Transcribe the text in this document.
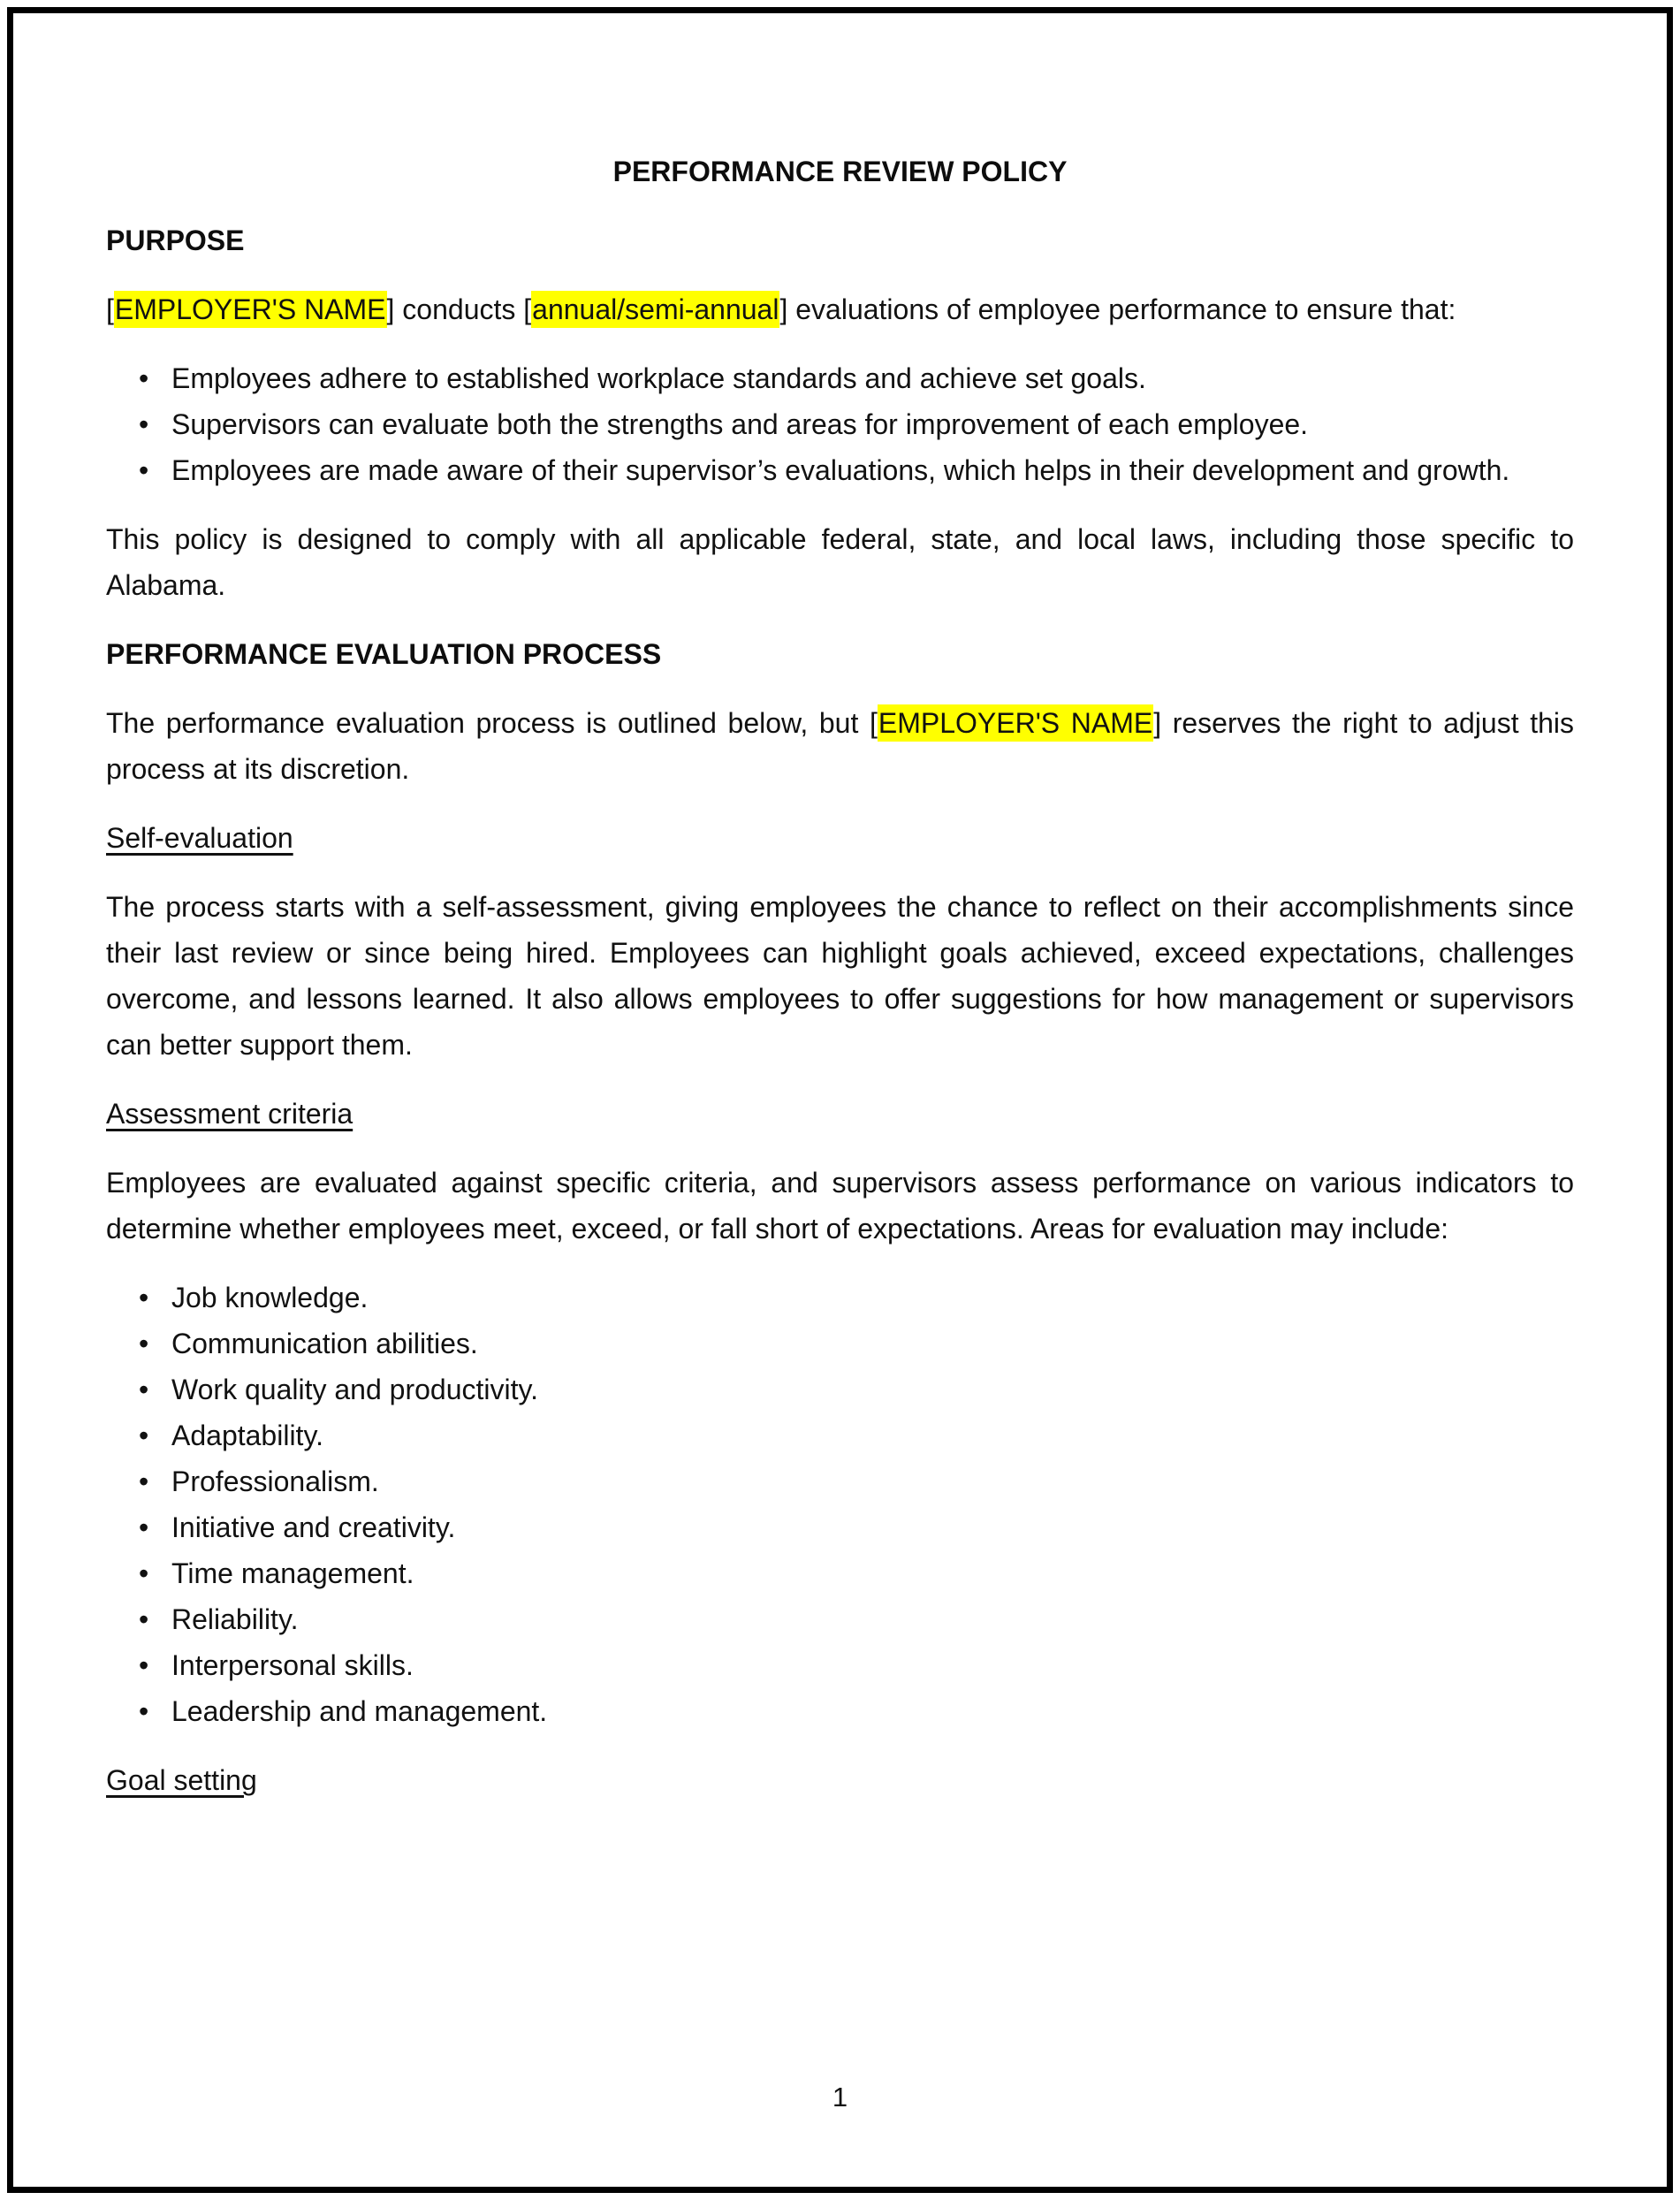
PERFORMANCE REVIEW POLICY
PURPOSE

[EMPLOYER'S NAME] conducts [annual/semi-annual] evaluations of employee performance to ensure that:

• Employees adhere to established workplace standards and achieve set goals.
• Supervisors can evaluate both the strengths and areas for improvement of each employee.
• Employees are made aware of their supervisor’s evaluations, which helps in their development and growth.

This policy is designed to comply with all applicable federal, state, and local laws, including those specific to Alabama.

PERFORMANCE EVALUATION PROCESS

The performance evaluation process is outlined below, but [EMPLOYER'S NAME] reserves the right to adjust this process at its discretion.

Self-evaluation

The process starts with a self-assessment, giving employees the chance to reflect on their accomplishments since their last review or since being hired. Employees can highlight goals achieved, exceed expectations, challenges overcome, and lessons learned. It also allows employees to offer suggestions for how management or supervisors can better support them.

Assessment criteria

Employees are evaluated against specific criteria, and supervisors assess performance on various indicators to determine whether employees meet, exceed, or fall short of expectations. Areas for evaluation may include:

• Job knowledge.
• Communication abilities.
• Work quality and productivity.
• Adaptability.
• Professionalism.
• Initiative and creativity.
• Time management.
• Reliability.
• Interpersonal skills.
• Leadership and management.
Goal setting
1
